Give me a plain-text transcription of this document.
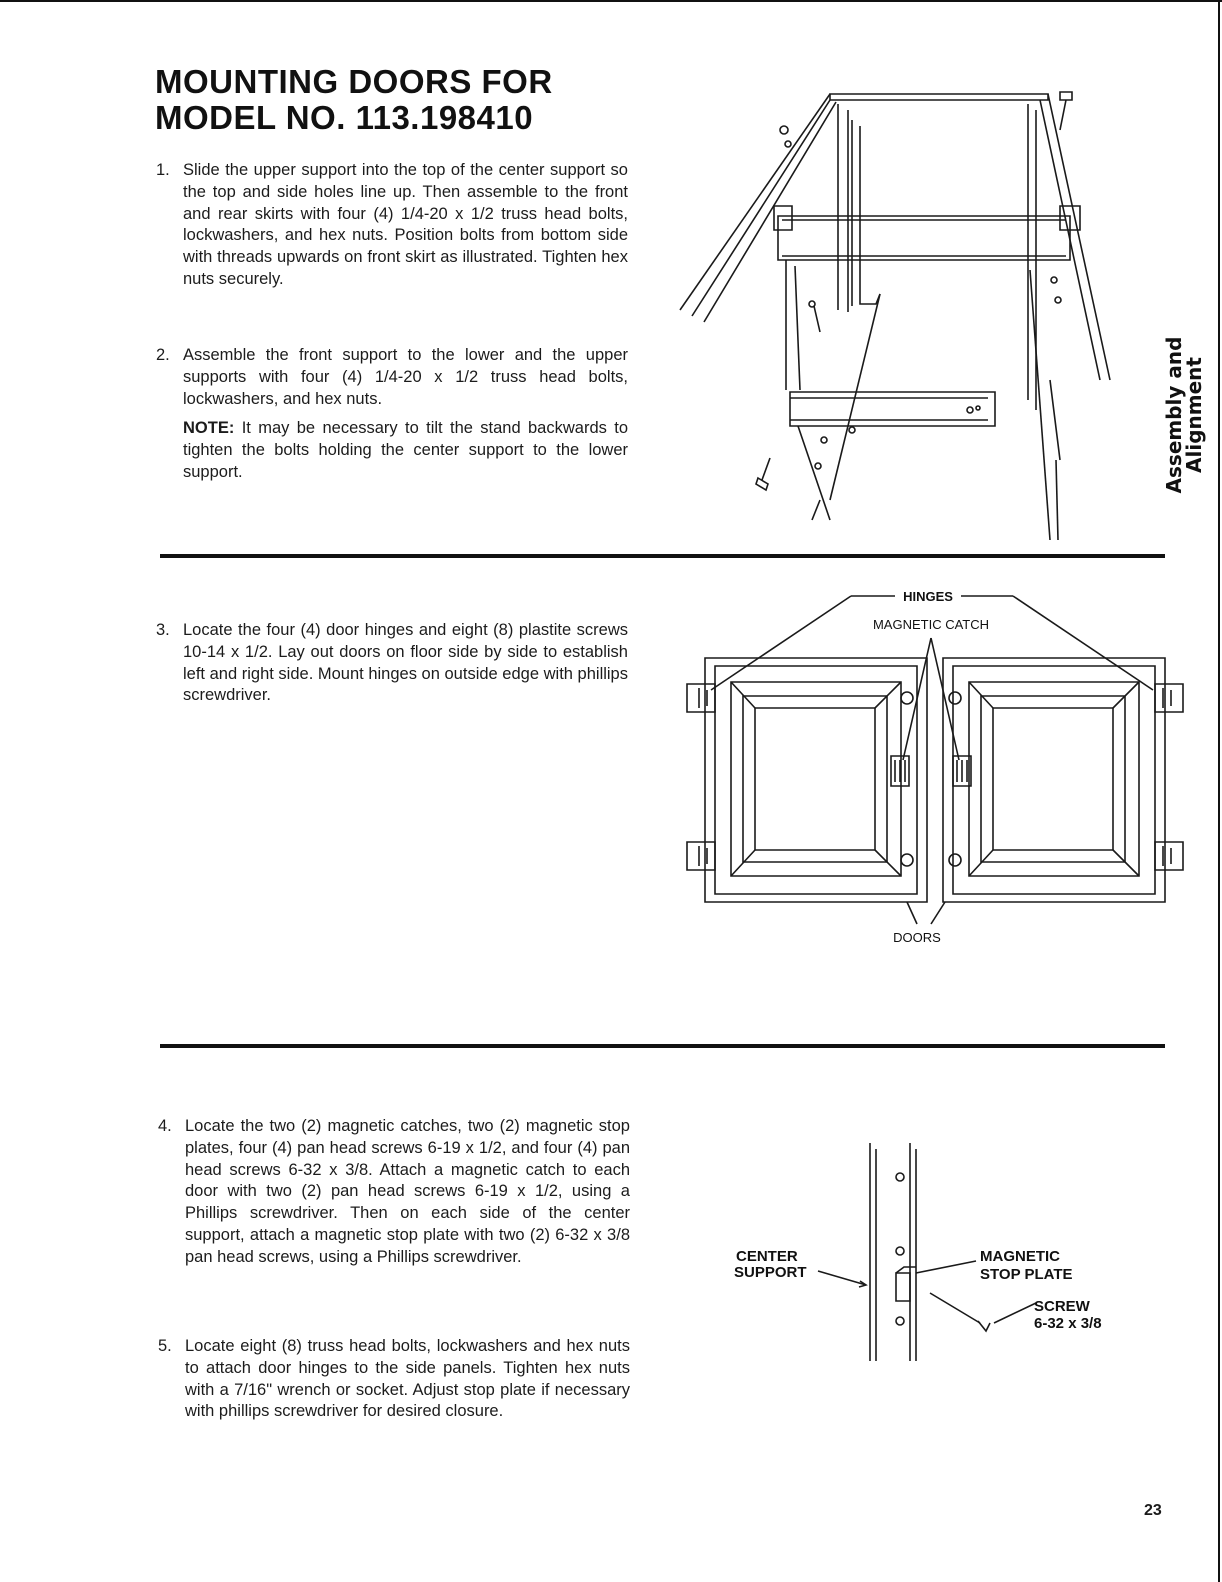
MOUNTING DOORS FOR
MODEL NO. 113.198410
1. Slide the upper support into the top of the center support so the top and side holes line up. Then assemble to the front and rear skirts with four (4) 1/4-20 x 1/2 truss head bolts, lockwashers, and hex nuts. Position bolts from bottom side with threads upwards on front skirt as illustrated. Tighten hex nuts securely.
2. Assemble the front support to the lower and the upper supports with four (4) 1/4-20 x 1/2 truss head bolts, lockwashers, and hex nuts.
NOTE: It may be necessary to tilt the stand backwards to tighten the bolts holding the center support to the lower support.
3. Locate the four (4) door hinges and eight (8) plastite screws 10-14 x 1/2. Lay out doors on floor side by side to establish left and right side. Mount hinges on outside edge with phillips screwdriver.
HINGES
MAGNETIC CATCH
DOORS
4. Locate the two (2) magnetic catches, two (2) magnetic stop plates, four (4) pan head screws 6-19 x 1/2, and four (4) pan head screws 6-32 x 3/8. Attach a magnetic catch to each door with two (2) pan head screws 6-19 x 1/2, using a Phillips screwdriver. Then on each side of the center support, attach a magnetic stop plate with two (2) 6-32 x 3/8 pan head screws, using a Phillips screwdriver.
5. Locate eight (8) truss head bolts, lockwashers and hex nuts to attach door hinges to the side panels. Tighten hex nuts with a 7/16" wrench or socket. Adjust stop plate if necessary with phillips screwdriver for desired closure.
CENTER
SUPPORT
MAGNETIC
STOP PLATE
SCREW
6-32 x 3/8
Assembly and
Alignment
23
